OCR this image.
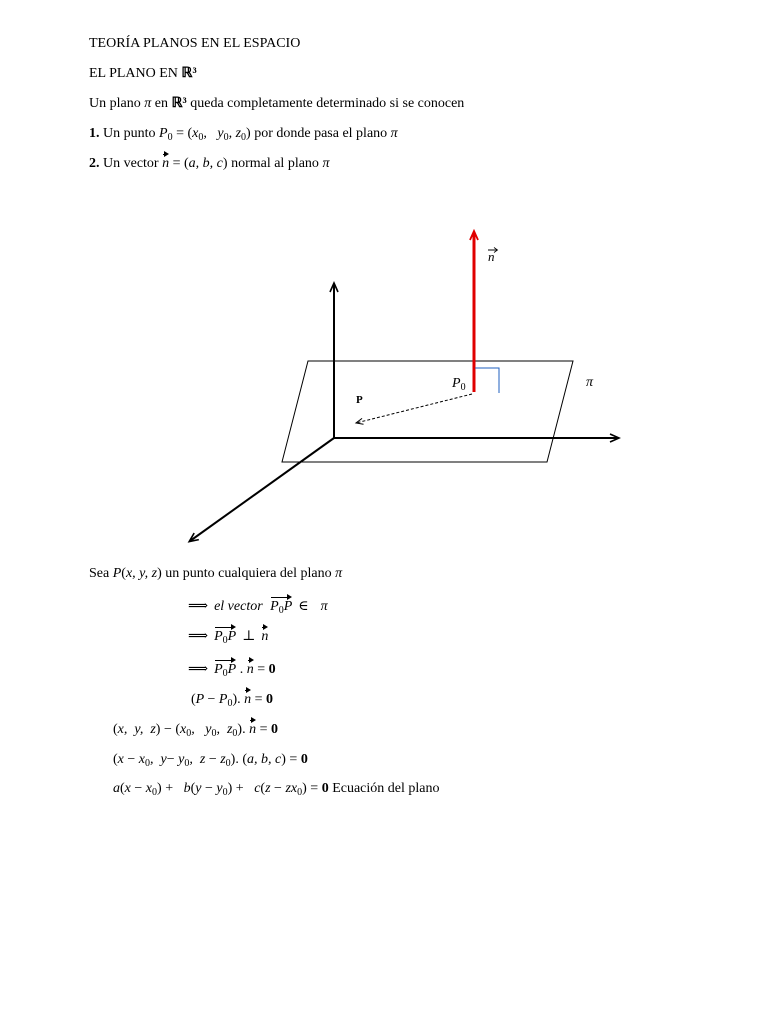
TEORÍA PLANOS EN EL ESPACIO
EL PLANO EN ℝ³
Un plano π en ℝ³ queda completamente determinado si se conocen
1. Un punto $P_0 = (x_0$,   $y_0$, $z_0$) por donde pasa el plano π
2. Un vector n = (a, b, c) normal al plano π
n
$P_0$
P
π
Sea P(x, y, z) un punto cualquiera del plano π
⟹ el vector $P_0P$ ∈ π
⟹ $P_0P$ ⊥ n
⟹ $P_0P$ . n = 0
$(P - P_0)$. n = 0
(x,  y,  $z) - (x_0$,   $y_0$,  $z_0$). n = 0
($x - x_0$,  $y- y_0$,  $z - z_0$). (a, b, c) = 0
$a(x - x_0) + b(y - y_0) + c(z - zx_0) = 0$ Ecuación del plano
